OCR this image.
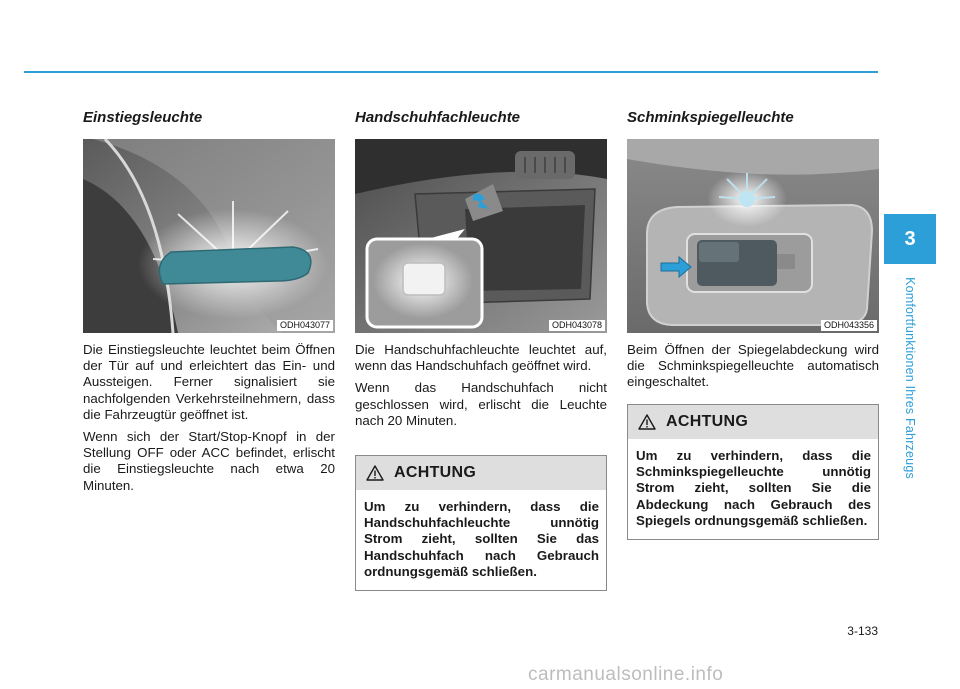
Einstiegsleuchte
ODH043077

Die Einstiegsleuchte leuchtet beim Öffnen der Tür auf und erleichtert das Ein- und Aussteigen. Ferner signalisiert sie nachfolgenden Verkehrsteilnehmern, dass die Fahrzeugtür geöffnet ist.

Wenn sich der Start/Stop-Knopf in der Stellung OFF oder ACC befindet, erlischt die Einstiegsleuchte nach etwa 20 Minuten.

Handschuhfachleuchte
ODH043078

Die Handschuhfachleuchte leuchtet auf, wenn das Handschuhfach geöffnet wird.

Wenn das Handschuhfach nicht geschlossen wird, erlischt die Leuchte nach 20 Minuten.

ACHTUNG
Um zu verhindern, dass die Handschuhfachleuchte unnötig Strom zieht, sollten Sie das Handschuhfach nach Gebrauch ordnungsgemäß schließen.
Schminkspiegelleuchte
ODH043356

Beim Öffnen der Spiegelabdeckung wird die Schminkspiegelleuchte automatisch eingeschaltet.

ACHTUNG
Um zu verhindern, dass die Schminkspiegelleuchte unnötig Strom zieht, sollten Sie die Abdeckung nach Gebrauch des Spiegels ordnungsgemäß schließen.
3
Komfortfunktionen Ihres Fahrzeugs
3-133
carmanualsonline.info
